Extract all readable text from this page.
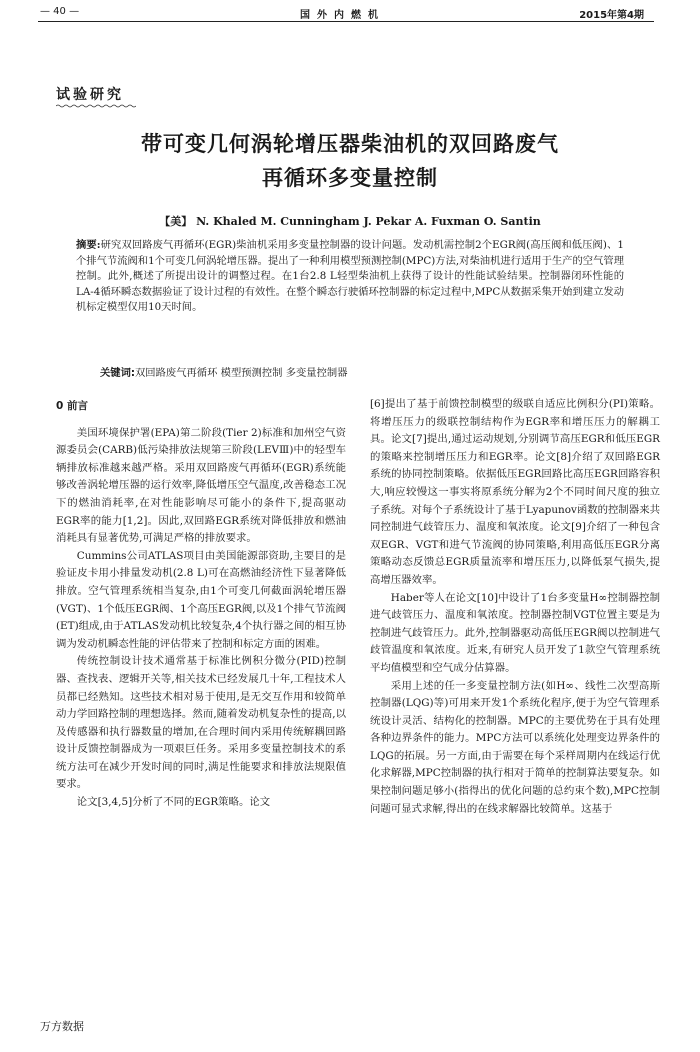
— 40 —	国外内燃机	2015年第4期
试验研究
带可变几何涡轮增压器柴油机的双回路废气
再循环多变量控制
【美】 N. Khaled M. Cunningham J. Pekar A. Fuxman O. Santin
摘要:研究双回路废气再循环(EGR)柴油机采用多变量控制器的设计问题。发动机需控制2个EGR阀(高压阀和低压阀)、1个排气节流阀和1个可变几何涡轮增压器。提出了一种利用模型预测控制(MPC)方法,对柴油机进行适用于生产的空气管理控制。此外,概述了所提出设计的调整过程。在1台2.8 L轻型柴油机上获得了设计的性能试验结果。控制器闭环性能的LA-4循环瞬态数据验证了设计过程的有效性。在整个瞬态行驶循环控制器的标定过程中,MPC从数据采集开始到建立发动机标定模型仅用10天时间。
关键词:双回路废气再循环 模型预测控制 多变量控制器
0 前言

美国环境保护署(EPA)第二阶段(Tier 2)标准和加州空气资源委员会(CARB)低污染排放法规第三阶段(LEVⅢ)中的轻型车辆排放标准越来越严格。采用双回路废气再循环(EGR)系统能够改善涡轮增压器的运行效率,降低增压空气温度,改善稳态工况下的燃油消耗率,在对性能影响尽可能小的条件下,提高驱动EGR率的能力[1,2]。因此,双回路EGR系统对降低排放和燃油消耗具有显著优势,可满足严格的排放要求。

Cummins公司ATLAS项目由美国能源部资助,主要目的是验证皮卡用小排量发动机(2.8 L)可在高燃油经济性下显著降低排放。空气管理系统相当复杂,由1个可变几何截面涡轮增压器(VGT)、1个低压EGR阀、1个高压EGR阀,以及1个排气节流阀(ET)组成,由于ATLAS发动机比较复杂,4个执行器之间的相互协调为发动机瞬态性能的评估带来了控制和标定方面的困难。

传统控制设计技术通常基于标准比例积分微分(PID)控制器、查找表、逻辑开关等,相关技术已经发展几十年,工程技术人员都已经熟知。这些技术相对易于使用,是无交互作用和较简单动力学回路控制的理想选择。然而,随着发动机复杂性的提高,以及传感器和执行器数量的增加,在合理时间内采用传统解耦回路设计反馈控制器成为一项艰巨任务。采用多变量控制技术的系统方法可在减少开发时间的同时,满足性能要求和排放法规限值要求。

论文[3,4,5]分析了不同的EGR策略。论文

[6]提出了基于前馈控制模型的级联自适应比例积分(PI)策略。将增压压力的级联控制结构作为EGR率和增压压力的解耦工具。论文[7]提出,通过运动规划,分别调节高压EGR和低压EGR的策略来控制增压压力和EGR率。论文[8]介绍了双回路EGR系统的协同控制策略。依据低压EGR回路比高压EGR回路容积大,响应较慢这一事实将原系统分解为2个不同时间尺度的独立子系统。对每个子系统设计了基于Lyapunov函数的控制器来共同控制进气歧管压力、温度和氧浓度。论文[9]介绍了一种包含双EGR、VGT和进气节流阀的协同策略,利用高低压EGR分离策略动态反馈总EGR质量流率和增压压力,以降低泵气损失,提高增压器效率。

Haber等人在论文[10]中设计了1台多变量H∞控制器控制进气歧管压力、温度和氧浓度。控制器控制VGT位置主要是为控制进气歧管压力。此外,控制器驱动高低压EGR阀以控制进气歧管温度和氧浓度。近来,有研究人员开发了1款空气管理系统平均值模型和空气成分估算器。

采用上述的任一多变量控制方法(如H∞、线性二次型高斯控制器(LQG)等)可用来开发1个系统化程序,便于为空气管理系统设计灵活、结构化的控制器。MPC的主要优势在于具有处理各种边界条件的能力。MPC方法可以系统化处理变边界条件的LQG的拓展。另一方面,由于需要在每个采样周期内在线运行优化求解器,MPC控制器的执行相对于简单的控制算法要复杂。如果控制问题足够小(指得出的优化问题的总约束个数),MPC控制问题可显式求解,得出的在线求解器比较简单。这基于

万方数据
